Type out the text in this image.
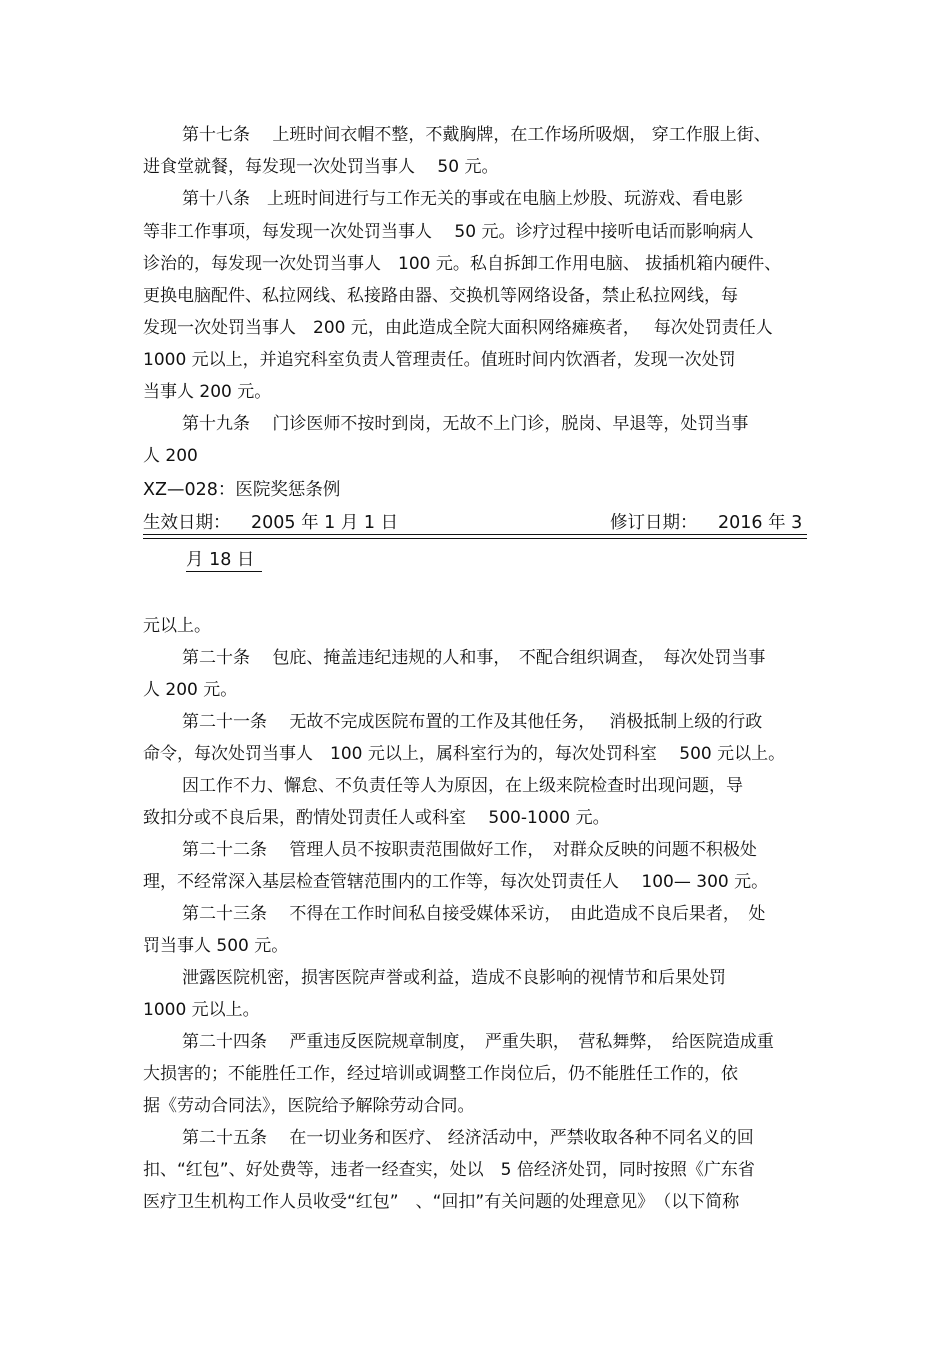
第十七条　 上班时间衣帽不整，不戴胸牌，在工作场所吸烟， 穿工作服上街、
进食堂就餐，每发现一次处罚当事人　 50 元。
第十八条　上班时间进行与工作无关的事或在电脑上炒股、玩游戏、看电影
等非工作事项，每发现一次处罚当事人　 50 元。诊疗过程中接听电话而影响病人
诊治的，每发现一次处罚当事人　100 元。私自拆卸工作用电脑、 拔插机箱内硬件、
更换电脑配件、私拉网线、私接路由器、交换机等网络设备，禁止私拉网线，每
发现一次处罚当事人　200 元，由此造成全院大面积网络瘫痪者，　 每次处罚责任人
1000 元以上，并追究科室负责人管理责任。值班时间内饮酒者，发现一次处罚
当事人 200 元。
第十九条　 门诊医师不按时到岗，无故不上门诊，脱岗、早退等，处罚当事
人 200
XZ—028：医院奖惩条例
生效日期： 2005 年 1 月 1 日	修订日期： 2016 年 3
月 18 日
元以上。
第二十条　 包庇、掩盖违纪违规的人和事，　不配合组织调查，　每次处罚当事
人 200 元。
第二十一条　 无故不完成医院布置的工作及其他任务，　 消极抵制上级的行政
命令，每次处罚当事人　100 元以上，属科室行为的，每次处罚科室　 500 元以上。
因工作不力、懈怠、不负责任等人为原因，在上级来院检查时出现问题，导
致扣分或不良后果，酌情处罚责任人或科室　 500-1000 元。
第二十二条　 管理人员不按职责范围做好工作，　对群众反映的问题不积极处
理，不经常深入基层检查管辖范围内的工作等，每次处罚责任人　 100— 300 元。
第二十三条　 不得在工作时间私自接受媒体采访，　由此造成不良后果者，　处
罚当事人 500 元。
泄露医院机密，损害医院声誉或利益，造成不良影响的视情节和后果处罚
1000 元以上。
第二十四条　 严重违反医院规章制度，　严重失职，　营私舞弊，　给医院造成重
大损害的；不能胜任工作，经过培训或调整工作岗位后，仍不能胜任工作的，依
据《劳动合同法》，医院给予解除劳动合同。
第二十五条　 在一切业务和医疗、 经济活动中，严禁收取各种不同名义的回
扣、“红包”、好处费等，违者一经查实，处以　5 倍经济处罚，同时按照《广东省
医疗卫生机构工作人员收受“红包”　、“回扣”有关问题的处理意见》　（以下简称
